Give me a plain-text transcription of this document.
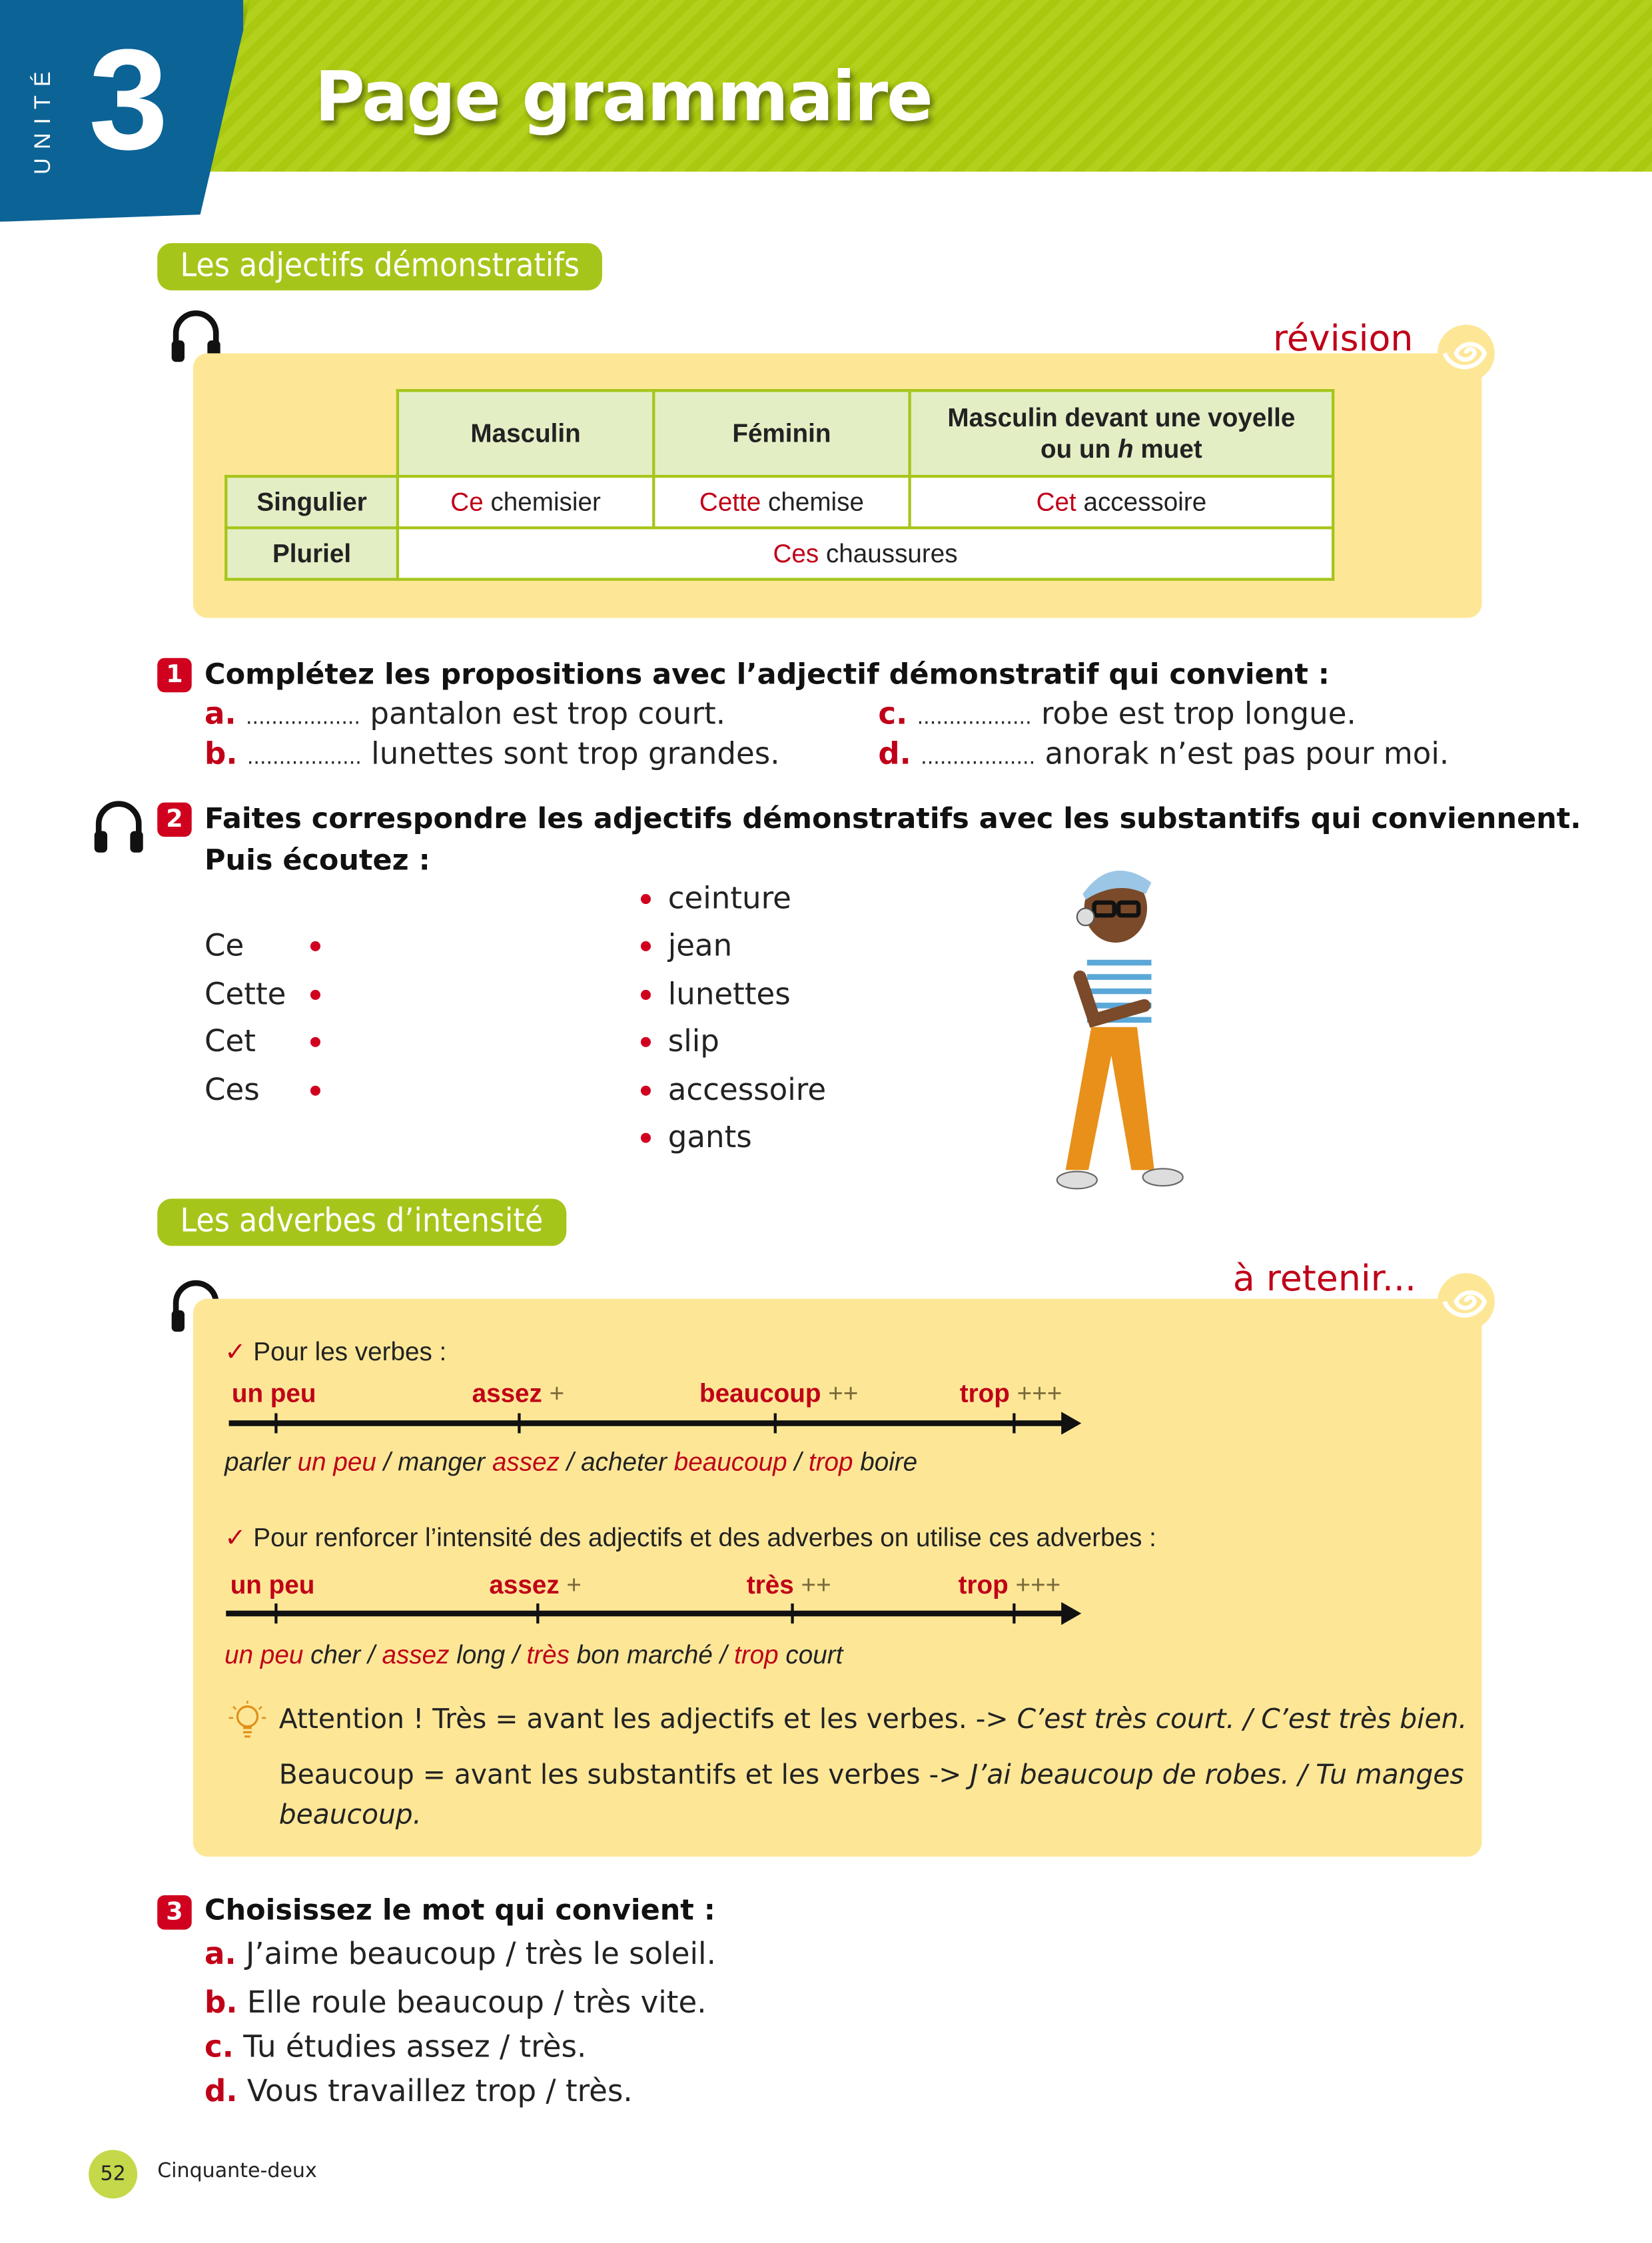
UNITÉ 3	Page grammaire
Les adjectifs démonstratifs
révision
	Masculin	Féminin	Masculin devant une voyelle
ou un h muet
Singulier	Ce chemisier	Cette chemise	Cet accessoire
Pluriel	Ces chaussures		
1	Complétez les propositions avec l’adjectif démonstratif qui convient :
a. .................. pantalon est trop court.
b. .................. lunettes sont trop grandes.
c. .................. robe est trop longue.
d. .................. anorak n’est pas pour moi.
2	Faites correspondre les adjectifs démonstratifs avec les substantifs qui conviennent.
Puis écoutez :
Ce
Cette
Cet
Ces
ceinture
jean
lunettes
slip
accessoire
gants
Les adverbes d’intensité
à retenir...
✓ Pour les verbes :
un peu	assez +	beaucoup ++	trop +++
parler un peu / manger assez / acheter beaucoup / trop boire
✓ Pour renforcer l’intensité des adjectifs et des adverbes on utilise ces adverbes :
un peu	assez +	très ++	trop +++
un peu cher / assez long / très bon marché / trop court
Attention ! Très = avant les adjectifs et les verbes. -> C’est très court. / C’est très bien.
Beaucoup = avant les substantifs et les verbes -> J’ai beaucoup de robes. / Tu manges
beaucoup.
3	Choisissez le mot qui convient :
a. J’aime beaucoup / très le soleil.
b. Elle roule beaucoup / très vite.
c. Tu étudies assez / très.
d. Vous travaillez trop / très.
52	Cinquante-deux
